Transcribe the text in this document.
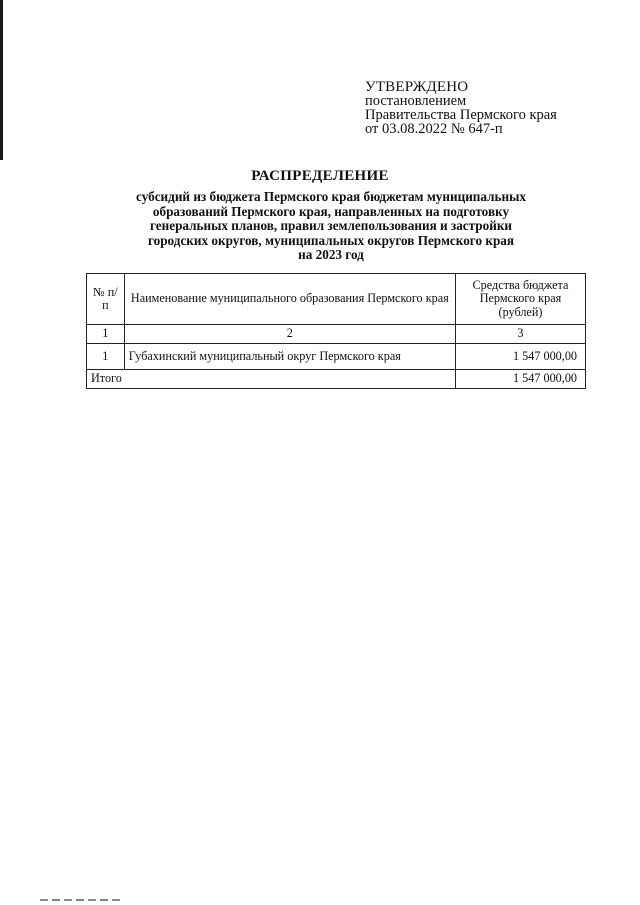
УТВЕРЖДЕНО
постановлением
Правительства Пермского края
от 03.08.2022 № 647-п
РАСПРЕДЕЛЕНИЕ
субсидий из бюджета Пермского края бюджетам муниципальных
образований Пермского края, направленных на подготовку
генеральных планов, правил землепользования и застройки
городских округов, муниципальных округов Пермского края
на 2023 год
№ п/п	Наименование муниципального образования Пермского края	Средства бюджета Пермского края (рублей)
1	2	3
1	Губахинский муниципальный округ Пермского края	1 547 000,00
Итого		1 547 000,00
